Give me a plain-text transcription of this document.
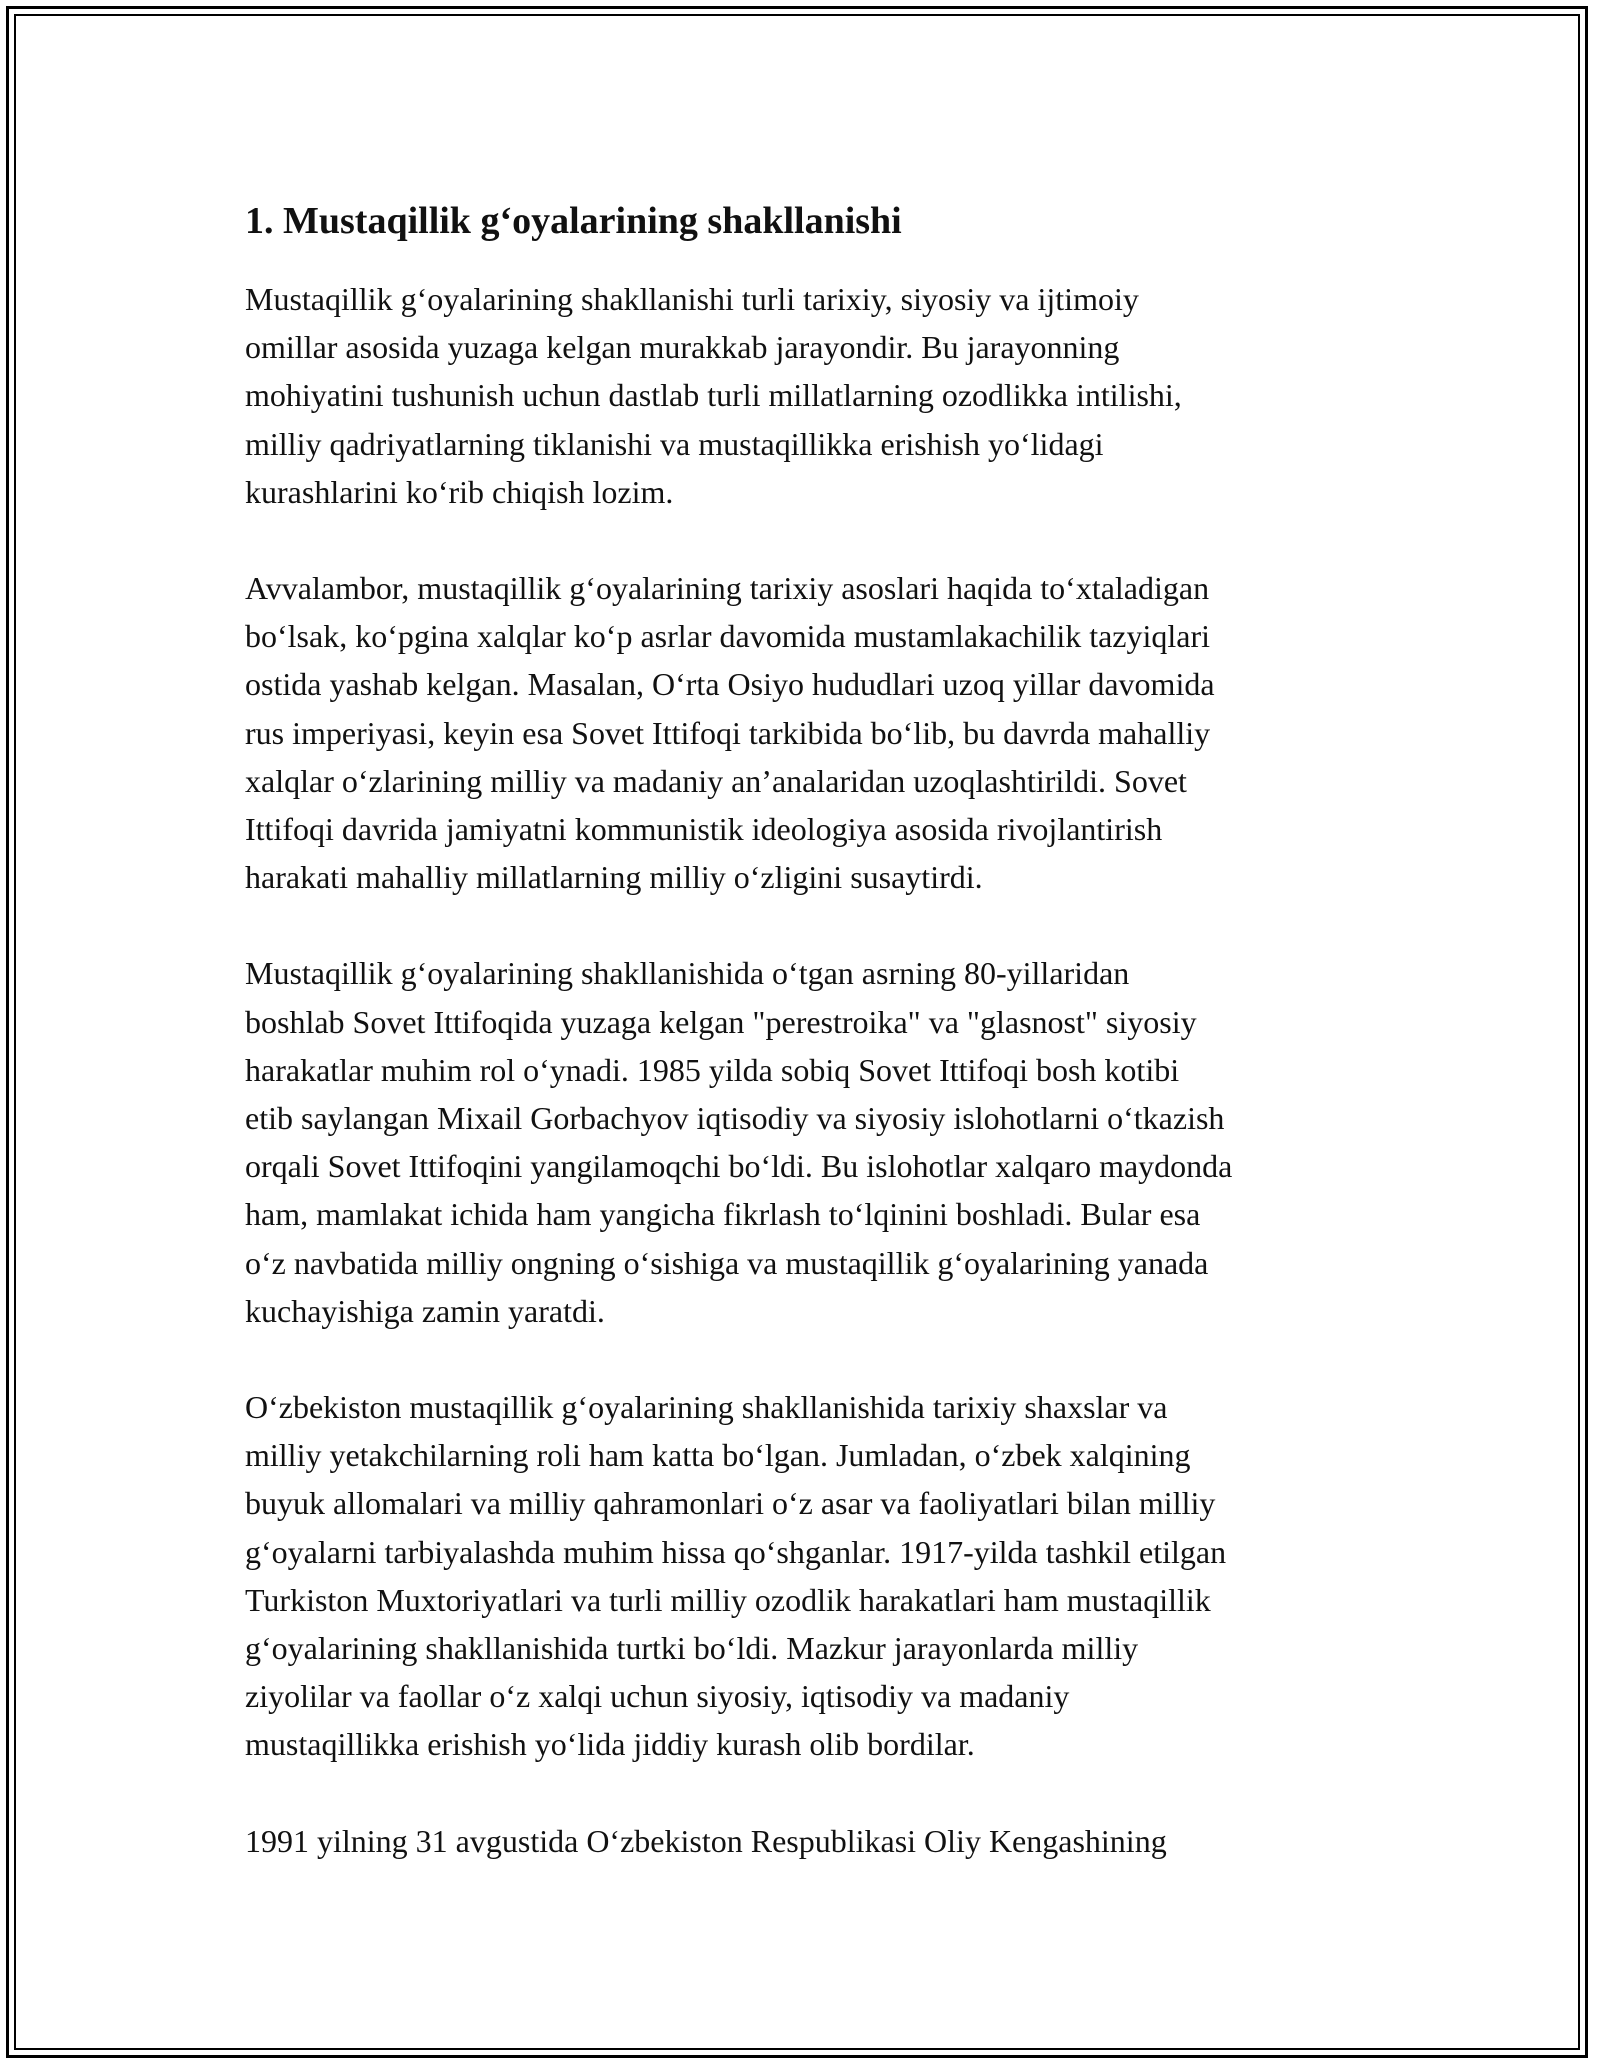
1. Mustaqillik g‘oyalarining shakllanishi

Mustaqillik g‘oyalarining shakllanishi turli tarixiy, siyosiy va ijtimoiy
omillar asosida yuzaga kelgan murakkab jarayondir. Bu jarayonning
mohiyatini tushunish uchun dastlab turli millatlarning ozodlikka intilishi,
milliy qadriyatlarning tiklanishi va mustaqillikka erishish yo‘lidagi
kurashlarini ko‘rib chiqish lozim.

Avvalambor, mustaqillik g‘oyalarining tarixiy asoslari haqida to‘xtaladigan
bo‘lsak, ko‘pgina xalqlar ko‘p asrlar davomida mustamlakachilik tazyiqlari
ostida yashab kelgan. Masalan, O‘rta Osiyo hududlari uzoq yillar davomida
rus imperiyasi, keyin esa Sovet Ittifoqi tarkibida bo‘lib, bu davrda mahalliy
xalqlar o‘zlarining milliy va madaniy an’analaridan uzoqlashtirildi. Sovet
Ittifoqi davrida jamiyatni kommunistik ideologiya asosida rivojlantirish
harakati mahalliy millatlarning milliy o‘zligini susaytirdi.

Mustaqillik g‘oyalarining shakllanishida o‘tgan asrning 80-yillaridan
boshlab Sovet Ittifoqida yuzaga kelgan "perestroika" va "glasnost" siyosiy
harakatlar muhim rol o‘ynadi. 1985 yilda sobiq Sovet Ittifoqi bosh kotibi
etib saylangan Mixail Gorbachyov iqtisodiy va siyosiy islohotlarni o‘tkazish
orqali Sovet Ittifoqini yangilamoqchi bo‘ldi. Bu islohotlar xalqaro maydonda
ham, mamlakat ichida ham yangicha fikrlash to‘lqinini boshladi. Bular esa
o‘z navbatida milliy ongning o‘sishiga va mustaqillik g‘oyalarining yanada
kuchayishiga zamin yaratdi.

O‘zbekiston mustaqillik g‘oyalarining shakllanishida tarixiy shaxslar va
milliy yetakchilarning roli ham katta bo‘lgan. Jumladan, o‘zbek xalqining
buyuk allomalari va milliy qahramonlari o‘z asar va faoliyatlari bilan milliy
g‘oyalarni tarbiyalashda muhim hissa qo‘shganlar. 1917-yilda tashkil etilgan
Turkiston Muxtoriyatlari va turli milliy ozodlik harakatlari ham mustaqillik
g‘oyalarining shakllanishida turtki bo‘ldi. Mazkur jarayonlarda milliy
ziyolilar va faollar o‘z xalqi uchun siyosiy, iqtisodiy va madaniy
mustaqillikka erishish yo‘lida jiddiy kurash olib bordilar.

1991 yilning 31 avgustida O‘zbekiston Respublikasi Oliy Kengashining
